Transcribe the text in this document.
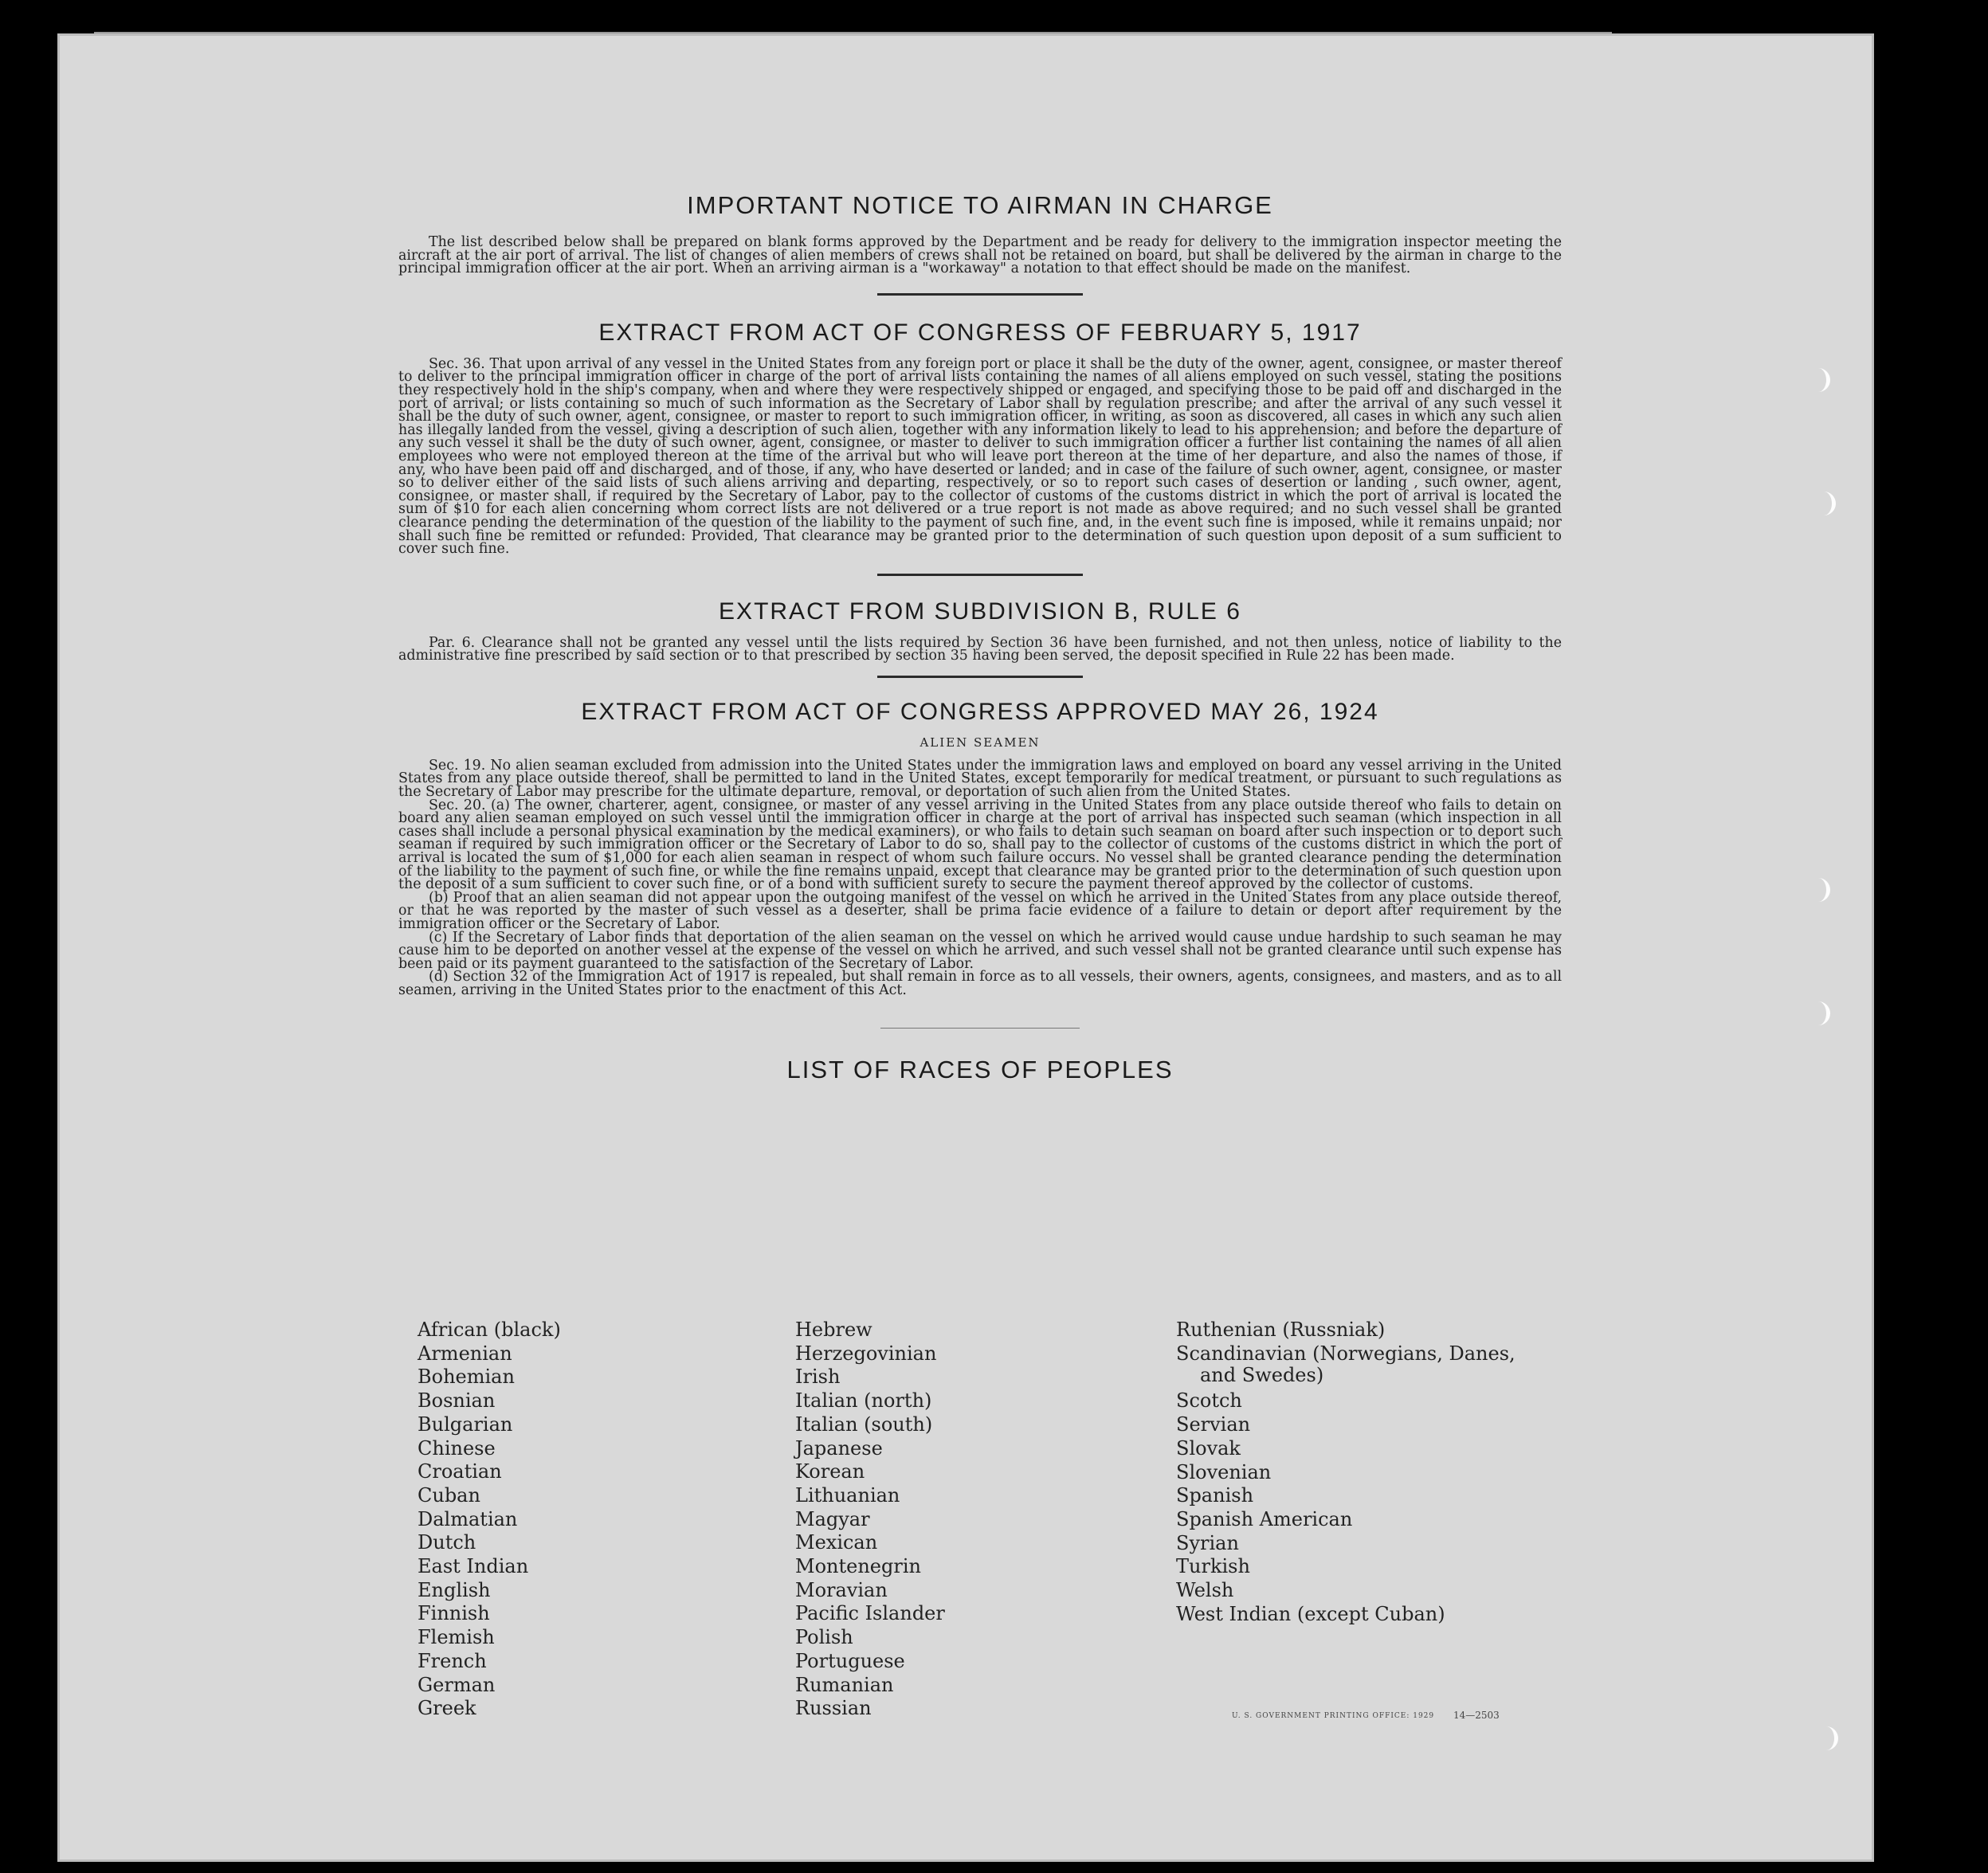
IMPORTANT NOTICE TO AIRMAN IN CHARGE

The list described below shall be prepared on blank forms approved by the Department and be ready for delivery to the immigration inspector meeting the aircraft at the air port of arrival. The list of changes of alien members of crews shall not be retained on board, but shall be delivered by the airman in charge to the principal immigration officer at the air port. When an arriving airman is a "workaway" a notation to that effect should be made on the manifest.

EXTRACT FROM ACT OF CONGRESS OF FEBRUARY 5, 1917

Sec. 36. That upon arrival of any vessel in the United States from any foreign port or place it shall be the duty of the owner, agent, consignee, or master thereof to deliver to the principal immigration officer in charge of the port of arrival lists containing the names of all aliens employed on such vessel, stating the positions they respectively hold in the ship's company, when and where they were respectively shipped or engaged, and specifying those to be paid off and discharged in the port of arrival; or lists containing so much of such information as the Secretary of Labor shall by regulation prescribe; and after the arrival of any such vessel it shall be the duty of such owner, agent, consignee, or master to report to such immigration officer, in writing, as soon as discovered, all cases in which any such alien has illegally landed from the vessel, giving a description of such alien, together with any information likely to lead to his apprehension; and before the departure of any such vessel it shall be the duty of such owner, agent, consignee, or master to deliver to such immigration officer a further list containing the names of all alien employees who were not employed thereon at the time of the arrival but who will leave port thereon at the time of her departure, and also the names of those, if any, who have been paid off and discharged, and of those, if any, who have deserted or landed; and in case of the failure of such owner, agent, consignee, or master so to deliver either of the said lists of such aliens arriving and departing, respectively, or so to report such cases of desertion or landing , such owner, agent, consignee, or master shall, if required by the Secretary of Labor, pay to the collector of customs of the customs district in which the port of arrival is located the sum of $10 for each alien concerning whom correct lists are not delivered or a true report is not made as above required; and no such vessel shall be granted clearance pending the determination of the question of the liability to the payment of such fine, and, in the event such fine is imposed, while it remains unpaid; nor shall such fine be remitted or refunded: Provided, That clearance may be granted prior to the determination of such question upon deposit of a sum sufficient to cover such fine.

EXTRACT FROM SUBDIVISION B, RULE 6

Par. 6. Clearance shall not be granted any vessel until the lists required by Section 36 have been furnished, and not then unless, notice of liability to the administrative fine prescribed by said section or to that prescribed by section 35 having been served, the deposit specified in Rule 22 has been made.

EXTRACT FROM ACT OF CONGRESS APPROVED MAY 26, 1924
ALIEN SEAMEN

Sec. 19. No alien seaman excluded from admission into the United States under the immigration laws and employed on board any vessel arriving in the United States from any place outside thereof, shall be permitted to land in the United States, except temporarily for medical treatment, or pursuant to such regulations as the Secretary of Labor may prescribe for the ultimate departure, removal, or deportation of such alien from the United States.

Sec. 20. (a) The owner, charterer, agent, consignee, or master of any vessel arriving in the United States from any place outside thereof who fails to detain on board any alien seaman employed on such vessel until the immigration officer in charge at the port of arrival has inspected such seaman (which inspection in all cases shall include a personal physical examination by the medical examiners), or who fails to detain such seaman on board after such inspection or to deport such seaman if required by such immigration officer or the Secretary of Labor to do so, shall pay to the collector of customs of the customs district in which the port of arrival is located the sum of $1,000 for each alien seaman in respect of whom such failure occurs. No vessel shall be granted clearance pending the determination of the liability to the payment of such fine, or while the fine remains unpaid, except that clearance may be granted prior to the determination of such question upon the deposit of a sum sufficient to cover such fine, or of a bond with sufficient surety to secure the payment thereof approved by the collector of customs.

(b) Proof that an alien seaman did not appear upon the outgoing manifest of the vessel on which he arrived in the United States from any place outside thereof, or that he was reported by the master of such vessel as a deserter, shall be prima facie evidence of a failure to detain or deport after requirement by the immigration officer or the Secretary of Labor.

(c) If the Secretary of Labor finds that deportation of the alien seaman on the vessel on which he arrived would cause undue hardship to such seaman he may cause him to be deported on another vessel at the expense of the vessel on which he arrived, and such vessel shall not be granted clearance until such expense has been paid or its payment guaranteed to the satisfaction of the Secretary of Labor.

(d) Section 32 of the Immigration Act of 1917 is repealed, but shall remain in force as to all vessels, their owners, agents, consignees, and masters, and as to all seamen, arriving in the United States prior to the enactment of this Act.

LIST OF RACES OF PEOPLES
African (black)
Armenian
Bohemian
Bosnian
Bulgarian
Chinese
Croatian
Cuban
Dalmatian
Dutch
East Indian
English
Finnish
Flemish
French
German
Greek
Hebrew
Herzegovinian
Irish
Italian (north)
Italian (south)
Japanese
Korean
Lithuanian
Magyar
Mexican
Montenegrin
Moravian
Pacific Islander
Polish
Portuguese
Rumanian
Russian
Ruthenian (Russniak)
Scandinavian (Norwegians, Danes,
and Swedes)
Scotch
Servian
Slovak
Slovenian
Spanish
Spanish American
Syrian
Turkish
Welsh
West Indian (except Cuban)
U. S. GOVERNMENT PRINTING OFFICE: 1929 14—2503
